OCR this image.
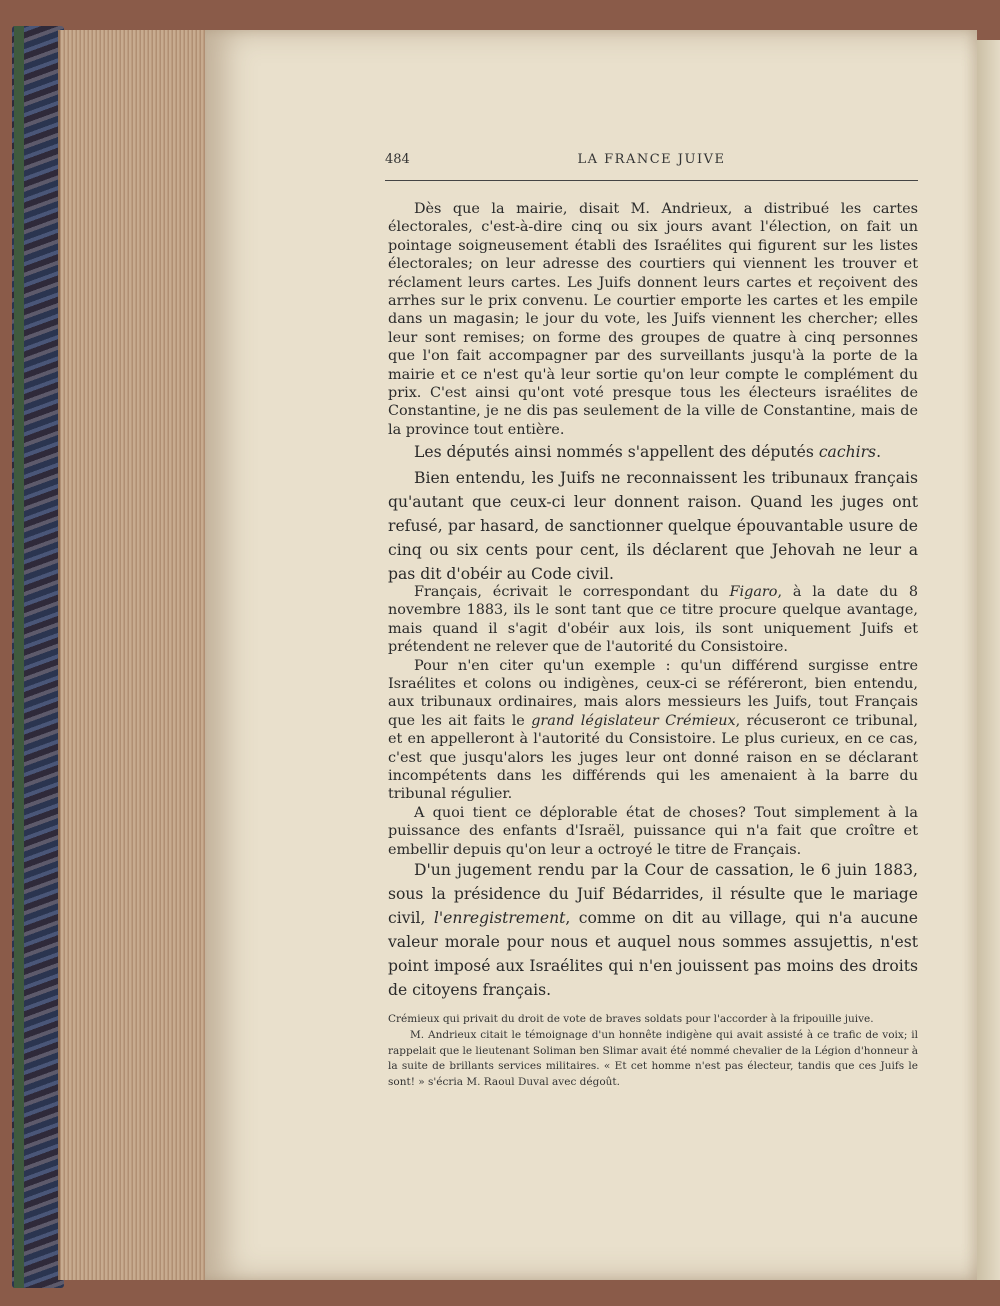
484	LA FRANCE JUIVE

Dès que la mairie, disait M. Andrieux, a distribué les cartes électorales, c'est-à-dire cinq ou six jours avant l'élection, on fait un pointage soigneusement établi des Israélites qui figurent sur les listes électorales; on leur adresse des courtiers qui viennent les trouver et réclament leurs cartes. Les Juifs donnent leurs cartes et reçoivent des arrhes sur le prix convenu. Le courtier emporte les cartes et les empile dans un magasin; le jour du vote, les Juifs viennent les chercher; elles leur sont remises; on forme des groupes de quatre à cinq personnes que l'on fait accompagner par des surveillants jusqu'à la porte de la mairie et ce n'est qu'à leur sortie qu'on leur compte le complément du prix. C'est ainsi qu'ont voté presque tous les électeurs israélites de Constantine, je ne dis pas seulement de la ville de Constantine, mais de la province tout entière.

Les députés ainsi nommés s'appellent des députés cachirs.

Bien entendu, les Juifs ne reconnaissent les tribunaux français qu'autant que ceux-ci leur donnent raison. Quand les juges ont refusé, par hasard, de sanctionner quelque épouvantable usure de cinq ou six cents pour cent, ils déclarent que Jehovah ne leur a pas dit d'obéir au Code civil.

Français, écrivait le correspondant du Figaro, à la date du 8 novembre 1883, ils le sont tant que ce titre procure quelque avantage, mais quand il s'agit d'obéir aux lois, ils sont uniquement Juifs et prétendent ne relever que de l'autorité du Consistoire.

Pour n'en citer qu'un exemple : qu'un différend surgisse entre Israélites et colons ou indigènes, ceux-ci se référeront, bien entendu, aux tribunaux ordinaires, mais alors messieurs les Juifs, tout Français que les ait faits le grand législateur Crémieux, récuseront ce tribunal, et en appelleront à l'autorité du Consistoire. Le plus curieux, en ce cas, c'est que jusqu'alors les juges leur ont donné raison en se déclarant incompétents dans les différends qui les amenaient à la barre du tribunal régulier.

A quoi tient ce déplorable état de choses? Tout simplement à la puissance des enfants d'Israël, puissance qui n'a fait que croître et embellir depuis qu'on leur a octroyé le titre de Français.

D'un jugement rendu par la Cour de cassation, le 6 juin 1883, sous la présidence du Juif Bédarrides, il résulte que le mariage civil, l'enregistrement, comme on dit au village, qui n'a aucune valeur morale pour nous et auquel nous sommes assujettis, n'est point imposé aux Israélites qui n'en jouissent pas moins des droits de citoyens français.

Crémieux qui privait du droit de vote de braves soldats pour l'accorder à la fripouille juive.

M. Andrieux citait le témoignage d'un honnête indigène qui avait assisté à ce trafic de voix; il rappelait que le lieutenant Soliman ben Slimar avait été nommé chevalier de la Légion d'honneur à la suite de brillants services militaires. « Et cet homme n'est pas électeur, tandis que ces Juifs le sont! » s'écria M. Raoul Duval avec dégoût.
